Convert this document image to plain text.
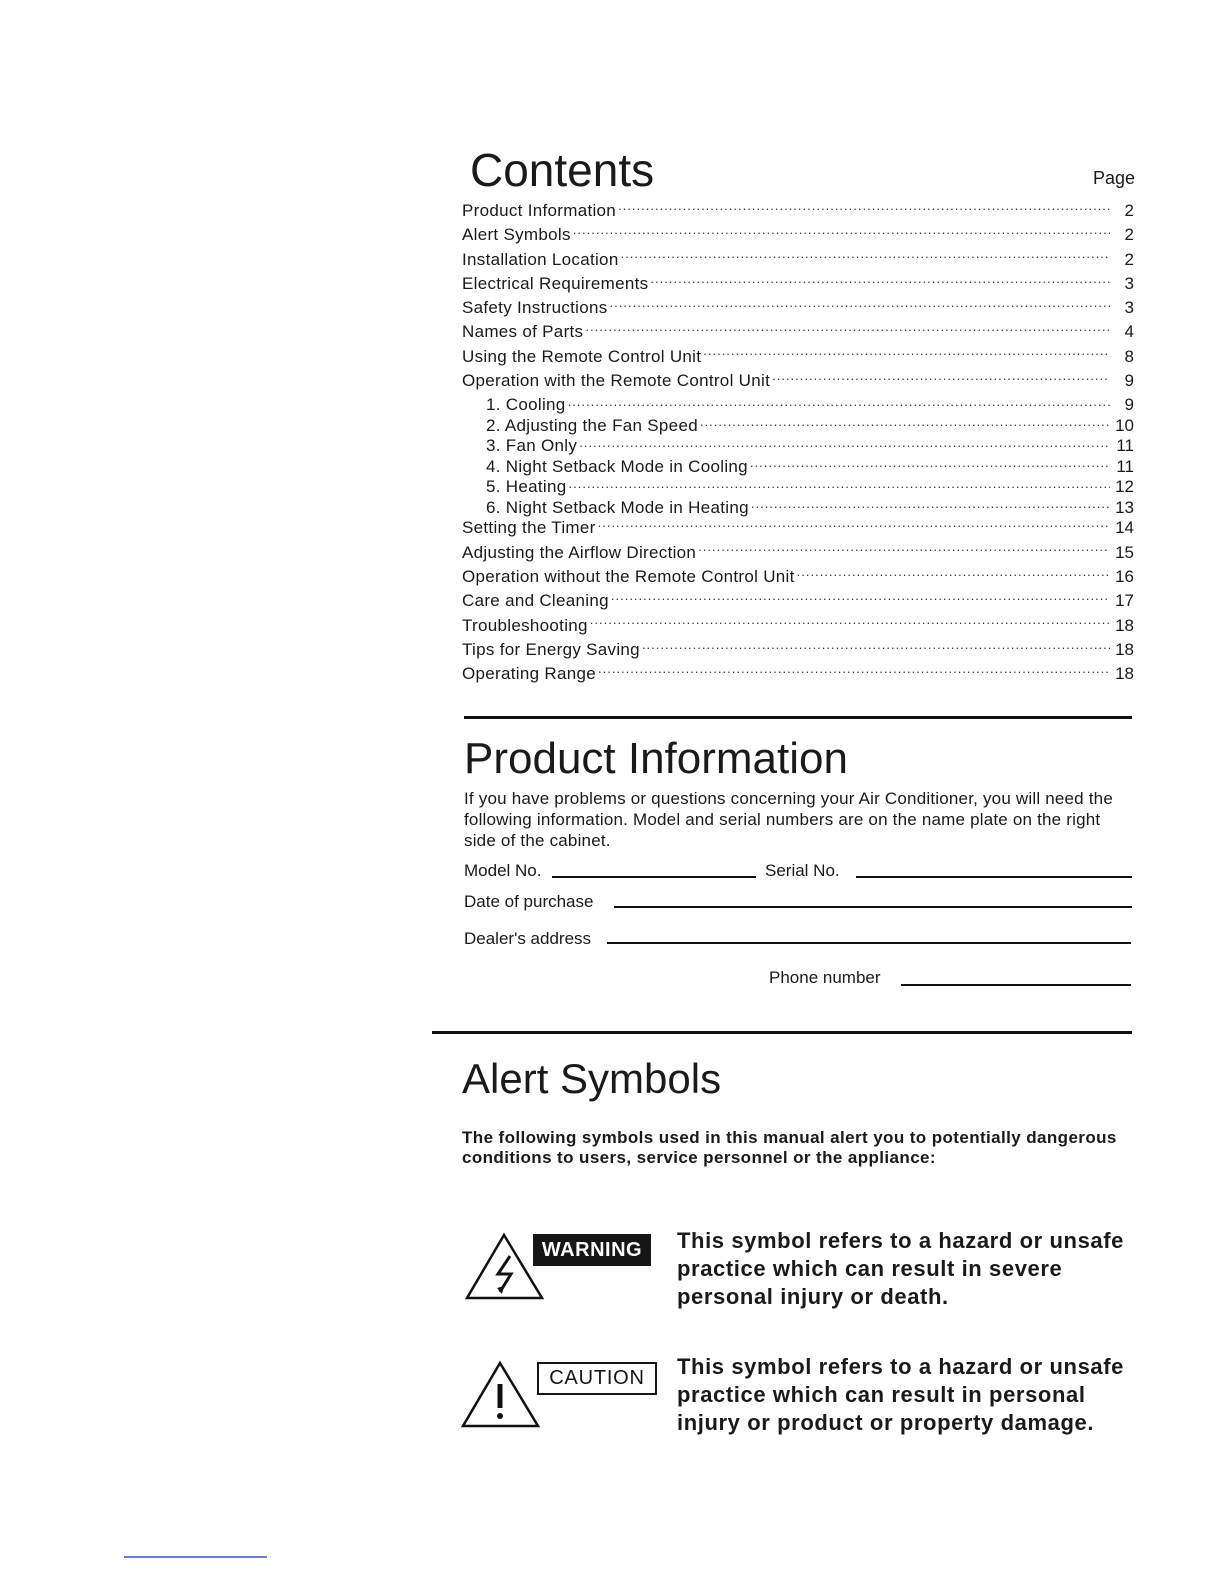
Contents	Page
Product Information .....	2
Alert Symbols .....	2
Installation Location .....	2
Electrical Requirements .....	3
Safety Instructions .....	3
Names of Parts .....	4
Using the Remote Control Unit .....	8
Operation with the Remote Control Unit .....	9
1. Cooling .....	9
2. Adjusting the Fan Speed .....	10
3. Fan Only .....	11
4. Night Setback Mode in Cooling .....	11
5. Heating .....	12
6. Night Setback Mode in Heating .....	13
Setting the Timer .....	14
Adjusting the Airflow Direction .....	15
Operation without the Remote Control Unit .....	16
Care and Cleaning .....	17
Troubleshooting .....	18
Tips for Energy Saving .....	18
Operating Range .....	18
Product Information
If you have problems or questions concerning your Air Conditioner, you will need the following information. Model and serial numbers are on the name plate on the right side of the cabinet.
Model No.	Serial No.
Date of purchase
Dealer's address
Phone number
Alert Symbols
The following symbols used in this manual alert you to potentially dangerous conditions to users, service personnel or the appliance:
WARNING	This symbol refers to a hazard or unsafe practice which can result in severe personal injury or death.
CAUTION	This symbol refers to a hazard or unsafe practice which can result in personal injury or product or property damage.
